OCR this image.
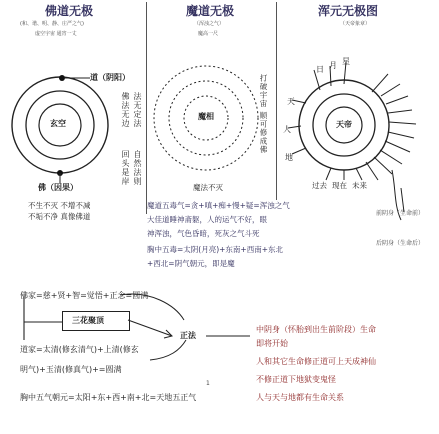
佛道无极
(和、谐、明、静、庄严之气)
虚空宇宙 通宵一丈
道（阴阳）
玄空	佛法无边 法无定法
回头是岸 自然法则
佛（因果）
不生不灭 不增不减
不垢不净 真像佛道
魔道无极
（浑浊之气）
魔高一尺
魔相	打破宇宙 顺可修成佛
魔法不灭
魔道五毒气=贪+嗔+痴+慢+疑=浑浊之气
大佳道睡神斋躯，人的运气不好，眼
神浑浊，气色昏暗，死灰之气斗死
胸中五毒=太阴(月亮)+东南+西南+东北
+西北=阴气朝元，即是魔
浑元无极图
（天帝象章）
日 月 星
天
人
地
天帝
过去 现在 未来
前阴身（生命前）
后阴身（生命后）
佛家=慈+贤+智=觉悟+正念=圆满
三花聚顶
正法
道家=太清(修玄清气)+上清(修玄
明气)+玉清(修真气)+=圆满
胸中五气朝元=太阳+东+西+南+北=天地五正气
中阴身（怀胎到出生前阶段）生命
即将开始
人和其它生命修正道可上天成神仙
不修正道下地狱变鬼怪
人与天与地都有生命关系
1
